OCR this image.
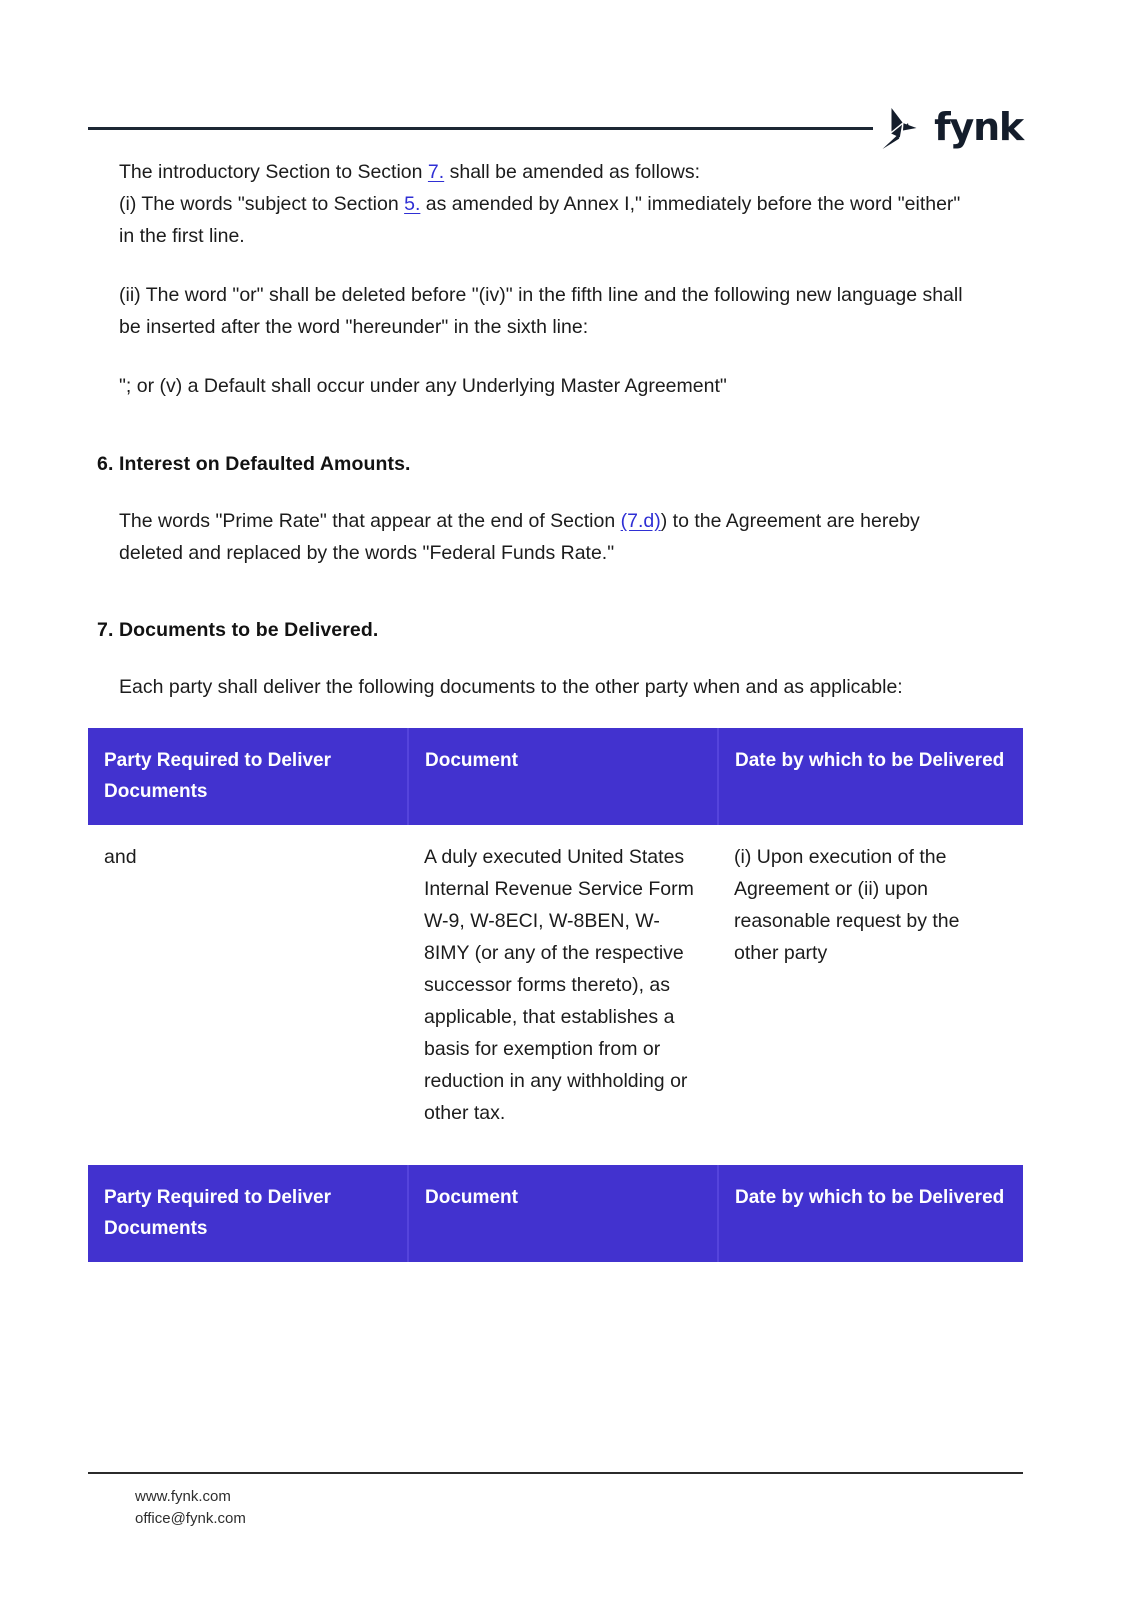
fynk

The introductory Section to Section 7. shall be amended as follows:

(i) The words "subject to Section 5. as amended by Annex I," immediately before the word "either" in the first line.

(ii) The word "or" shall be deleted before "(iv)" in the fifth line and the following new language shall be inserted after the word "hereunder" in the sixth line:

"; or (v) a Default shall occur under any Underlying Master Agreement"

6. Interest on Defaulted Amounts.

The words "Prime Rate" that appear at the end of Section (7.d)) to the Agreement are hereby deleted and replaced by the words "Federal Funds Rate."

7. Documents to be Delivered.

Each party shall deliver the following documents to the other party when and as applicable:

Party Required to Deliver Documents	Document	Date by which to be Delivered
and	A duly executed United States Internal Revenue Service Form W-9, W-8ECI, W-8BEN, W-8IMY (or any of the respective successor forms thereto), as applicable, that establishes a basis for exemption from or reduction in any withholding or other tax.	(i) Upon execution of the Agreement or (ii) upon reasonable request by the other party
Party Required to Deliver Documents	Document	Date by which to be Delivered
www.fynk.com
office@fynk.com
